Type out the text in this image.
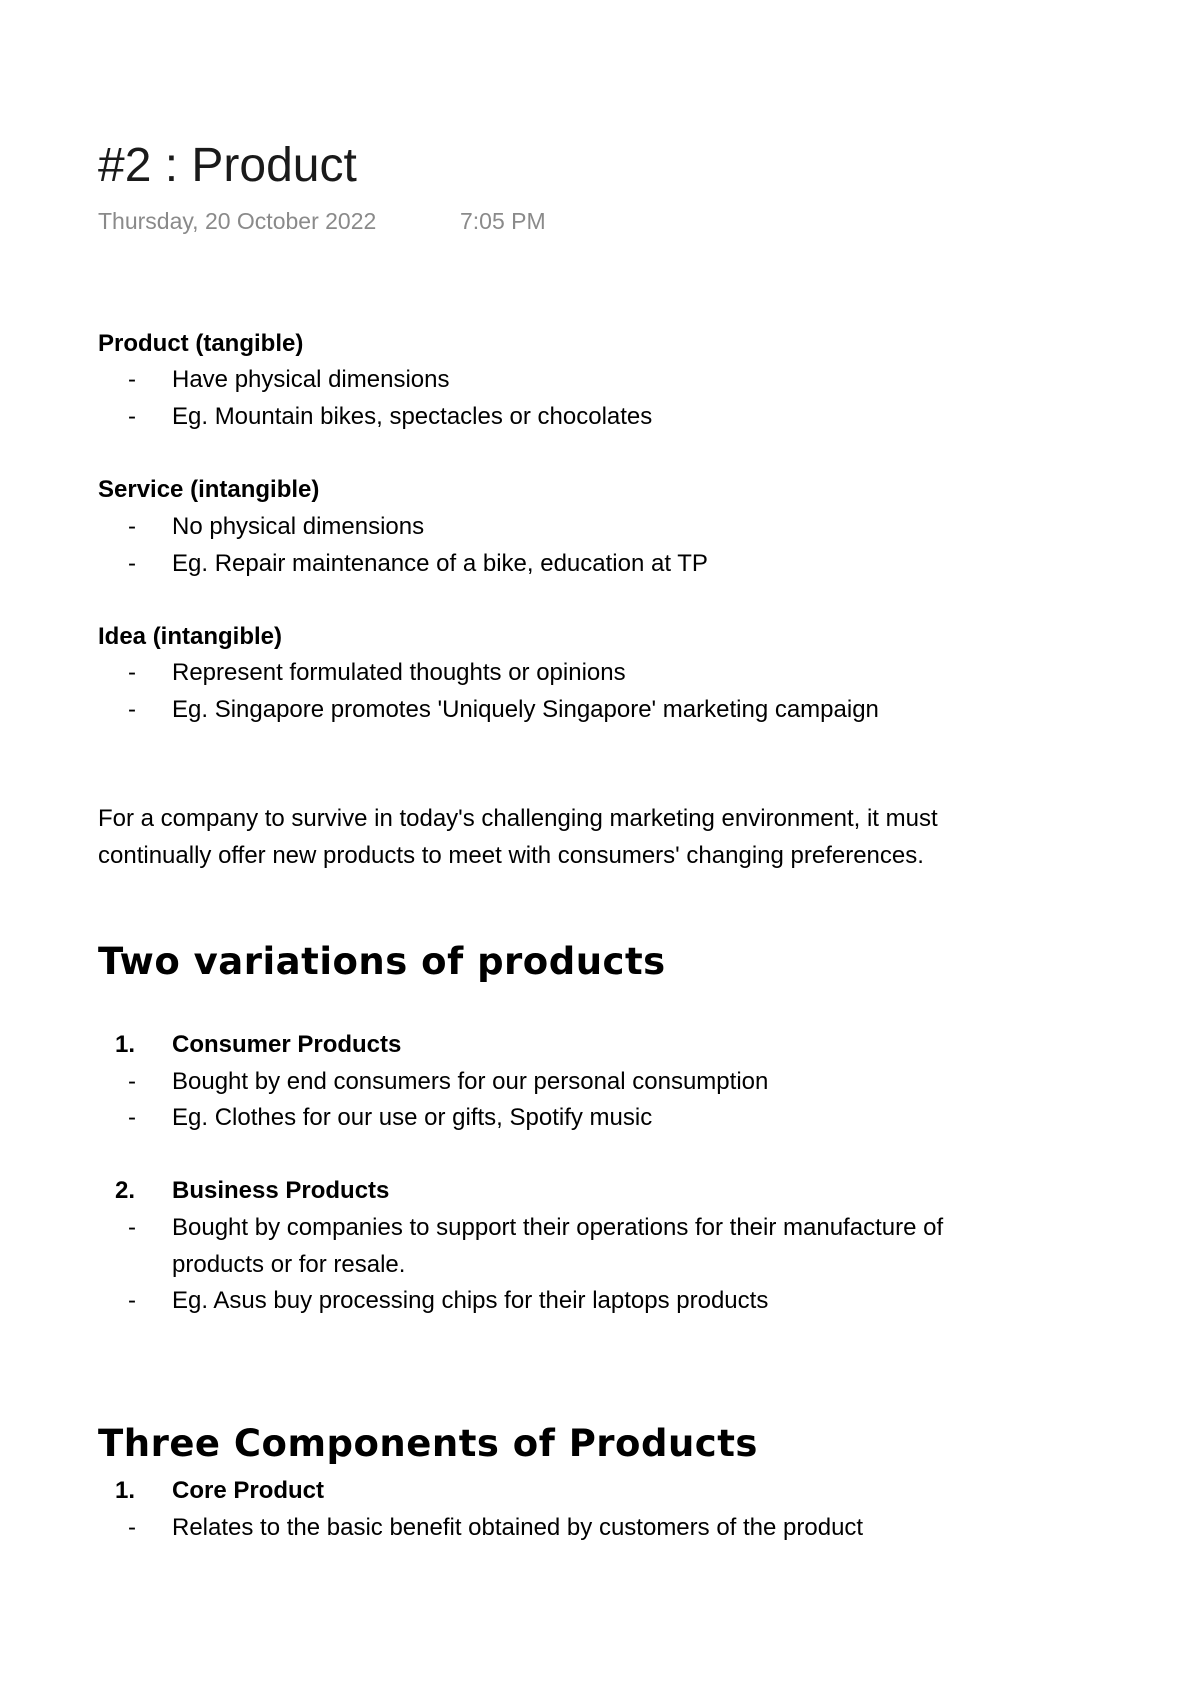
#2 : Product
Thursday, 20 October 2022	7:05 PM
Product (tangible)
- Have physical dimensions
- Eg. Mountain bikes, spectacles or chocolates
Service (intangible)
- No physical dimensions
- Eg. Repair maintenance of a bike, education at TP
Idea (intangible)
- Represent formulated thoughts or opinions
- Eg. Singapore promotes 'Uniquely Singapore' marketing campaign
For a company to survive in today's challenging marketing environment, it must
continually offer new products to meet with consumers' changing preferences.
Two variations of products
1. Consumer Products
- Bought by end consumers for our personal consumption
- Eg. Clothes for our use or gifts, Spotify music
2. Business Products
- Bought by companies to support their operations for their manufacture of
products or for resale.
- Eg. Asus buy processing chips for their laptops products
Three Components of Products
1. Core Product
- Relates to the basic benefit obtained by customers of the product
